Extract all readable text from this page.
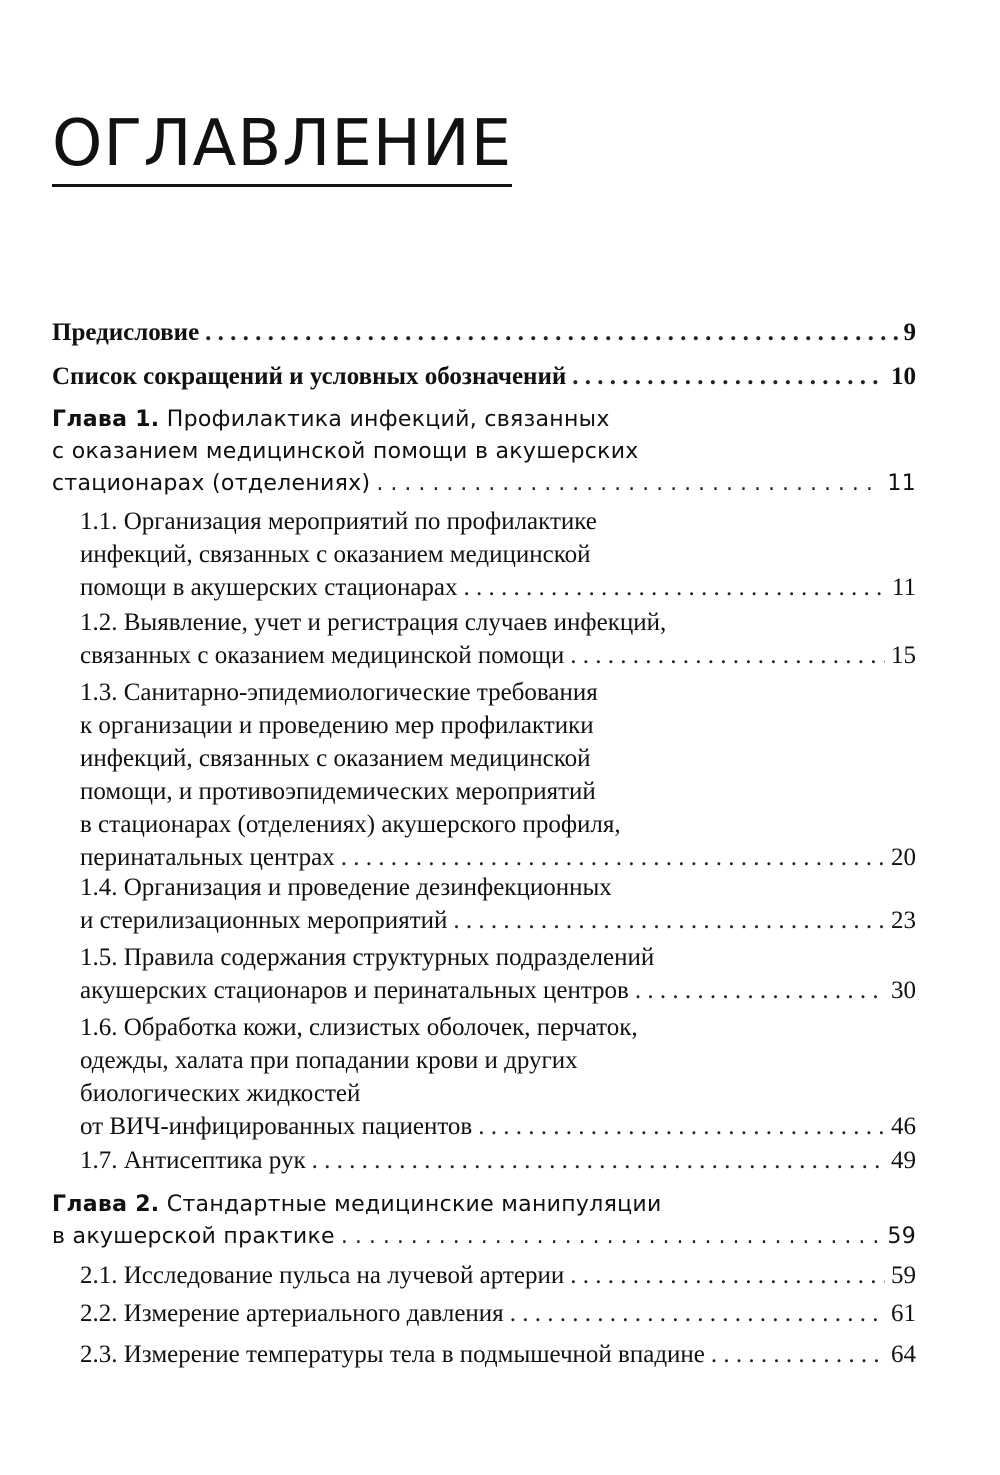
ОГЛАВЛЕНИЕ
Предисловие . . .	9
Список сокращений и условных обозначений . . .	10
Глава 1. Профилактика инфекций, связанных
с оказанием медицинской помощи в акушерских
стационарах (отделениях) . . .	11
1.1. Организация мероприятий по профилактике
инфекций, связанных с оказанием медицинской
помощи в акушерских стационарах . . .	11
1.2. Выявление, учет и регистрация случаев инфекций,
связанных с оказанием медицинской помощи . . .	15
1.3. Санитарно-эпидемиологические требования
к организации и проведению мер профилактики
инфекций, связанных с оказанием медицинской
помощи, и противоэпидемических мероприятий
в стационарах (отделениях) акушерского профиля,
перинатальных центрах . . .	20
1.4. Организация и проведение дезинфекционных
и стерилизационных мероприятий . . .	23
1.5. Правила содержания структурных подразделений
акушерских стационаров и перинатальных центров . . .	30
1.6. Обработка кожи, слизистых оболочек, перчаток,
одежды, халата при попадании крови и других
биологических жидкостей
от ВИЧ-инфицированных пациентов . . .	46
1.7. Антисептика рук . . .	49
Глава 2. Стандартные медицинские манипуляции
в акушерской практике . . .	59
2.1. Исследование пульса на лучевой артерии . . .	59
2.2. Измерение артериального давления . . .	61
2.3. Измерение температуры тела в подмышечной впадине . . .	64
